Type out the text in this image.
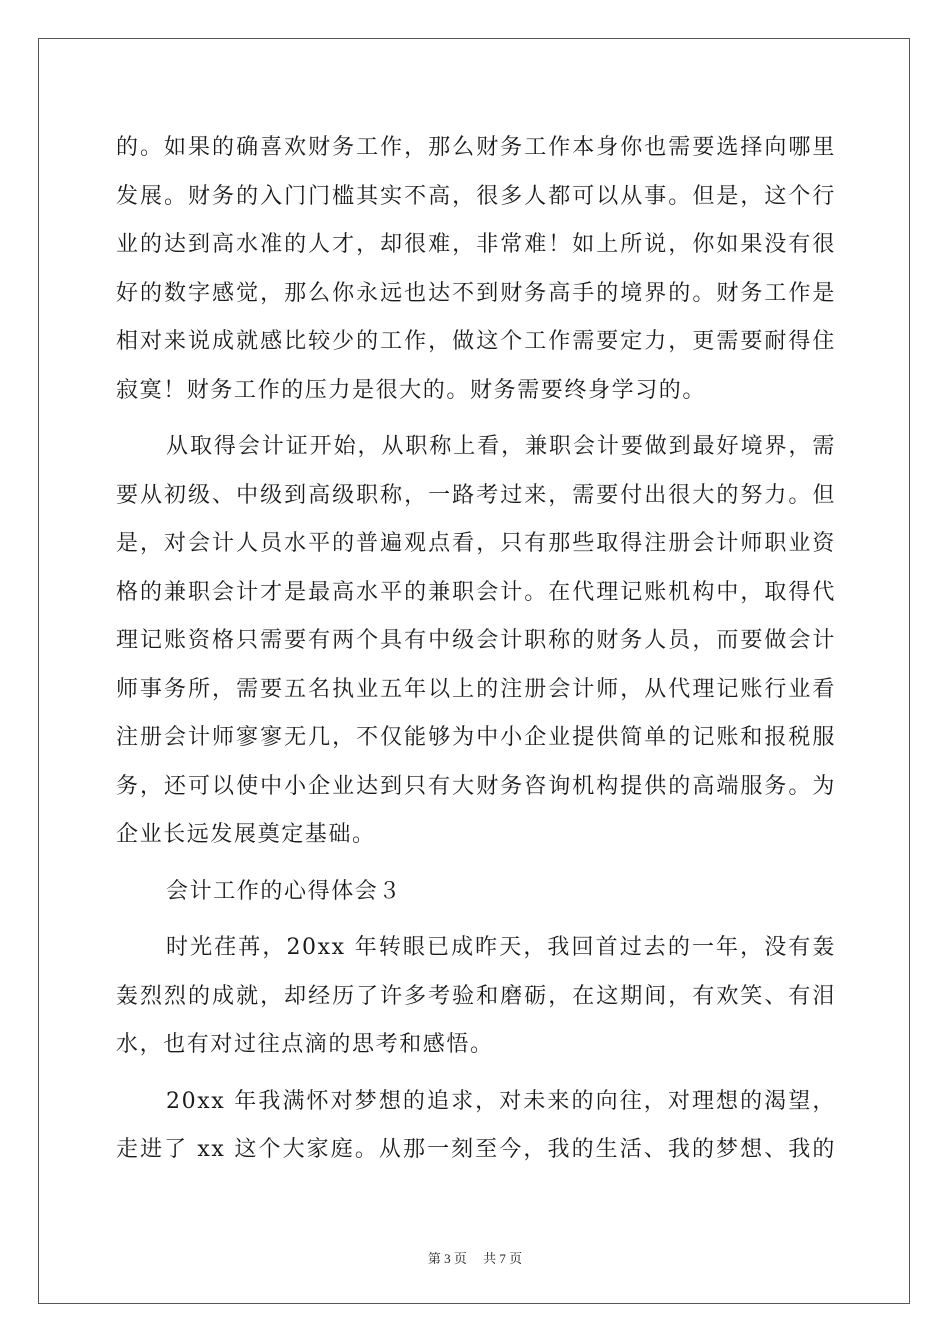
的。如果的确喜欢财务工作，那么财务工作本身你也需要选择向哪里
发展。财务的入门门槛其实不高，很多人都可以从事。但是，这个行
业的达到高水准的人才，却很难，非常难！如上所说，你如果没有很
好的数字感觉，那么你永远也达不到财务高手的境界的。财务工作是
相对来说成就感比较少的工作，做这个工作需要定力，更需要耐得住
寂寞！财务工作的压力是很大的。财务需要终身学习的。
从取得会计证开始，从职称上看，兼职会计要做到最好境界，需
要从初级、中级到高级职称，一路考过来，需要付出很大的努力。但
是，对会计人员水平的普遍观点看，只有那些取得注册会计师职业资
格的兼职会计才是最高水平的兼职会计。在代理记账机构中，取得代
理记账资格只需要有两个具有中级会计职称的财务人员，而要做会计
师事务所，需要五名执业五年以上的注册会计师，从代理记账行业看
注册会计师寥寥无几，不仅能够为中小企业提供简单的记账和报税服
务，还可以使中小企业达到只有大财务咨询机构提供的高端服务。为
企业长远发展奠定基础。
会计工作的心得体会３
时光荏苒，20xx 年转眼已成昨天，我回首过去的一年，没有轰
轰烈烈的成就，却经历了许多考验和磨砺，在这期间，有欢笑、有泪
水，也有对过往点滴的思考和感悟。
20xx 年我满怀对梦想的追求，对未来的向往，对理想的渴望，
走进了 xx 这个大家庭。从那一刻至今，我的生活、我的梦想、我的
第 3 页 共 7 页
